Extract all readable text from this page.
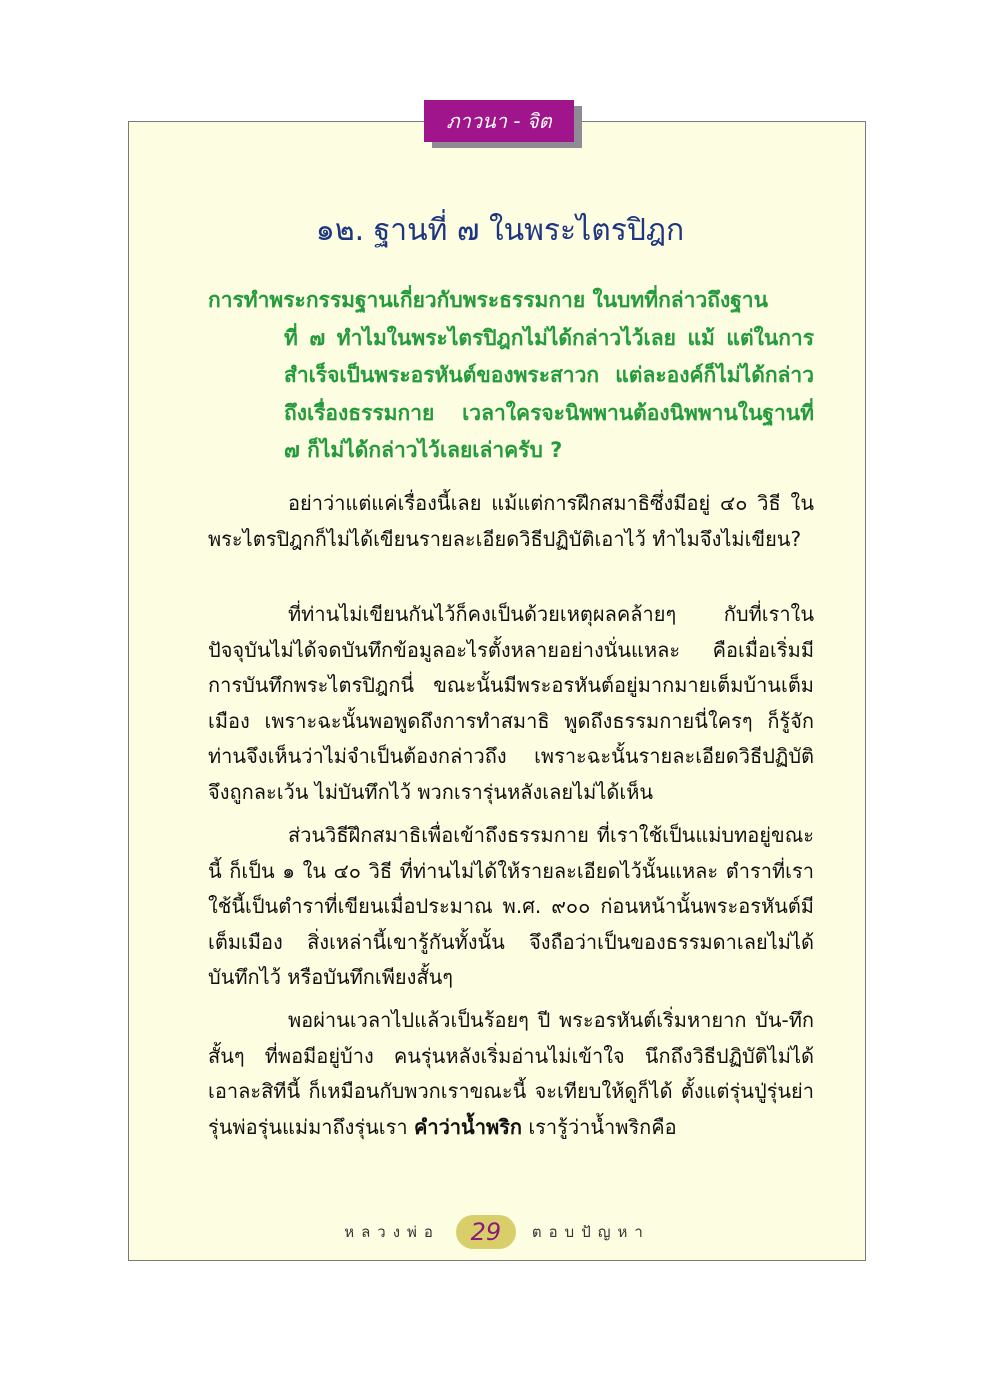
ภาวนา - จิต
๑๒. ฐานที่ ๗ ในพระไตรปิฎก

การทำพระกรรมฐานเกี่ยวกับพระธรรมกาย ในบทที่กล่าวถึงฐาน

ที่ ๗ ทำไมในพระไตรปิฎกไม่ได้กล่าวไว้เลย แม้ แต่ในการสำเร็จเป็นพระอรหันต์ของพระสาวก แต่ละองค์ก็ไม่ได้กล่าวถึงเรื่องธรรมกาย เวลาใครจะนิพพานต้องนิพพานในฐานที่ ๗ ก็ไม่ได้กล่าวไว้เลยเล่าครับ ?

อย่าว่าแต่แค่เรื่องนี้เลย แม้แต่การฝึกสมาธิซึ่งมีอยู่ ๔๐ วิธี ในพระไตรปิฎกก็ไม่ได้เขียนรายละเอียดวิธีปฏิบัติเอาไว้ ทำไมจึงไม่เขียน?

ที่ท่านไม่เขียนกันไว้ก็คงเป็นด้วยเหตุผลคล้ายๆ กับที่เราในปัจจุบันไม่ได้จดบันทึกข้อมูลอะไรตั้งหลายอย่างนั่นแหละ คือเมื่อเริ่มมีการบันทึกพระไตรปิฎกนี่ ขณะนั้นมีพระอรหันต์อยู่มากมายเต็มบ้านเต็มเมือง เพราะฉะนั้นพอพูดถึงการทำสมาธิ พูดถึงธรรมกายนี่ใครๆ ก็รู้จัก ท่านจึงเห็นว่าไม่จำเป็นต้องกล่าวถึง เพราะฉะนั้นรายละเอียดวิธีปฏิบัติจึงถูกละเว้น ไม่บันทึกไว้ พวกเรารุ่นหลังเลยไม่ได้เห็น

ส่วนวิธีฝึกสมาธิเพื่อเข้าถึงธรรมกาย ที่เราใช้เป็นแม่บทอยู่ขณะนี้ ก็เป็น ๑ ใน ๔๐ วิธี ที่ท่านไม่ได้ให้รายละเอียดไว้นั้นแหละ ตำราที่เราใช้นี้เป็นตำราที่เขียนเมื่อประมาณ พ.ศ. ๙๐๐ ก่อนหน้านั้นพระอรหันต์มีเต็มเมือง สิ่งเหล่านี้เขารู้กันทั้งนั้น จึงถือว่าเป็นของธรรมดาเลยไม่ได้บันทึกไว้ หรือบันทึกเพียงสั้นๆ

พอผ่านเวลาไปแล้วเป็นร้อยๆ ปี พระอรหันต์เริ่มหายาก บัน-ทึกสั้นๆ ที่พอมีอยู่บ้าง คนรุ่นหลังเริ่มอ่านไม่เข้าใจ นึกถึงวิธีปฏิบัติไม่ได้ เอาละสิทีนี้ ก็เหมือนกับพวกเราขณะนี้ จะเทียบให้ดูก็ได้ ตั้งแต่รุ่นปู่รุ่นย่ารุ่นพ่อรุ่นแม่มาถึงรุ่นเรา คำว่าน้ำพริก เรารู้ว่าน้ำพริกคือ

หลวงพ่อ	29	ตอบปัญหา
